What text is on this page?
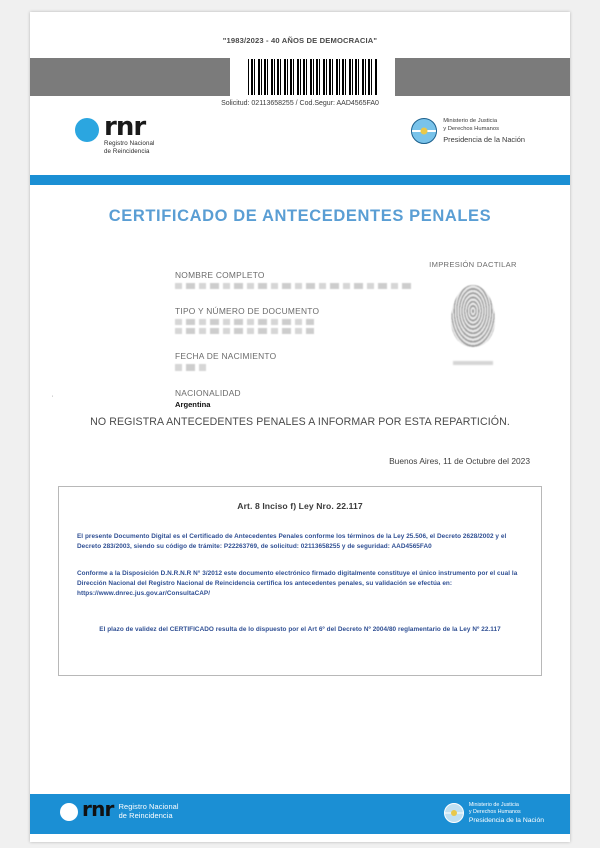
"1983/2023 - 40 AÑOS DE DEMOCRACIA"
Solicitud: 02113658255 / Cod.Segur: AAD4565FA0
rnr
Registro Nacional
de Reincidencia
Ministerio de Justicia
y Derechos Humanos
Presidencia de la Nación
CERTIFICADO DE ANTECEDENTES PENALES
NOMBRE COMPLETO
TIPO Y NÚMERO DE DOCUMENTO
FECHA DE NACIMIENTO
NACIONALIDAD
Argentina
IMPRESIÓN DACTILAR
'
NO REGISTRA ANTECEDENTES PENALES A INFORMAR POR ESTA REPARTICIÓN.
Buenos Aires, 11 de Octubre del 2023
Art. 8 Inciso f) Ley Nro. 22.117
El presente Documento Digital es el Certificado de Antecedentes Penales conforme los términos de la Ley 25.506, el Decreto 2628/2002 y el Decreto 283/2003, siendo su código de trámite: P22263769, de solicitud: 02113658255 y de seguridad: AAD4565FA0
Conforme a la Disposición D.N.R.N.R N° 3/2012 este documento electrónico firmado digitalmente constituye el único instrumento por el cual la Dirección Nacional del Registro Nacional de Reincidencia certifica los antecedentes penales, su validación se efectúa en: https://www.dnrec.jus.gov.ar/ConsultaCAP/
El plazo de validez del CERTIFICADO resulta de lo dispuesto por el Art 6º del Decreto Nº 2004/80 reglamentario de la Ley Nº 22.117
rnr Registro Nacional
de Reincidencia
Ministerio de Justicia
y Derechos Humanos
Presidencia de la Nación
